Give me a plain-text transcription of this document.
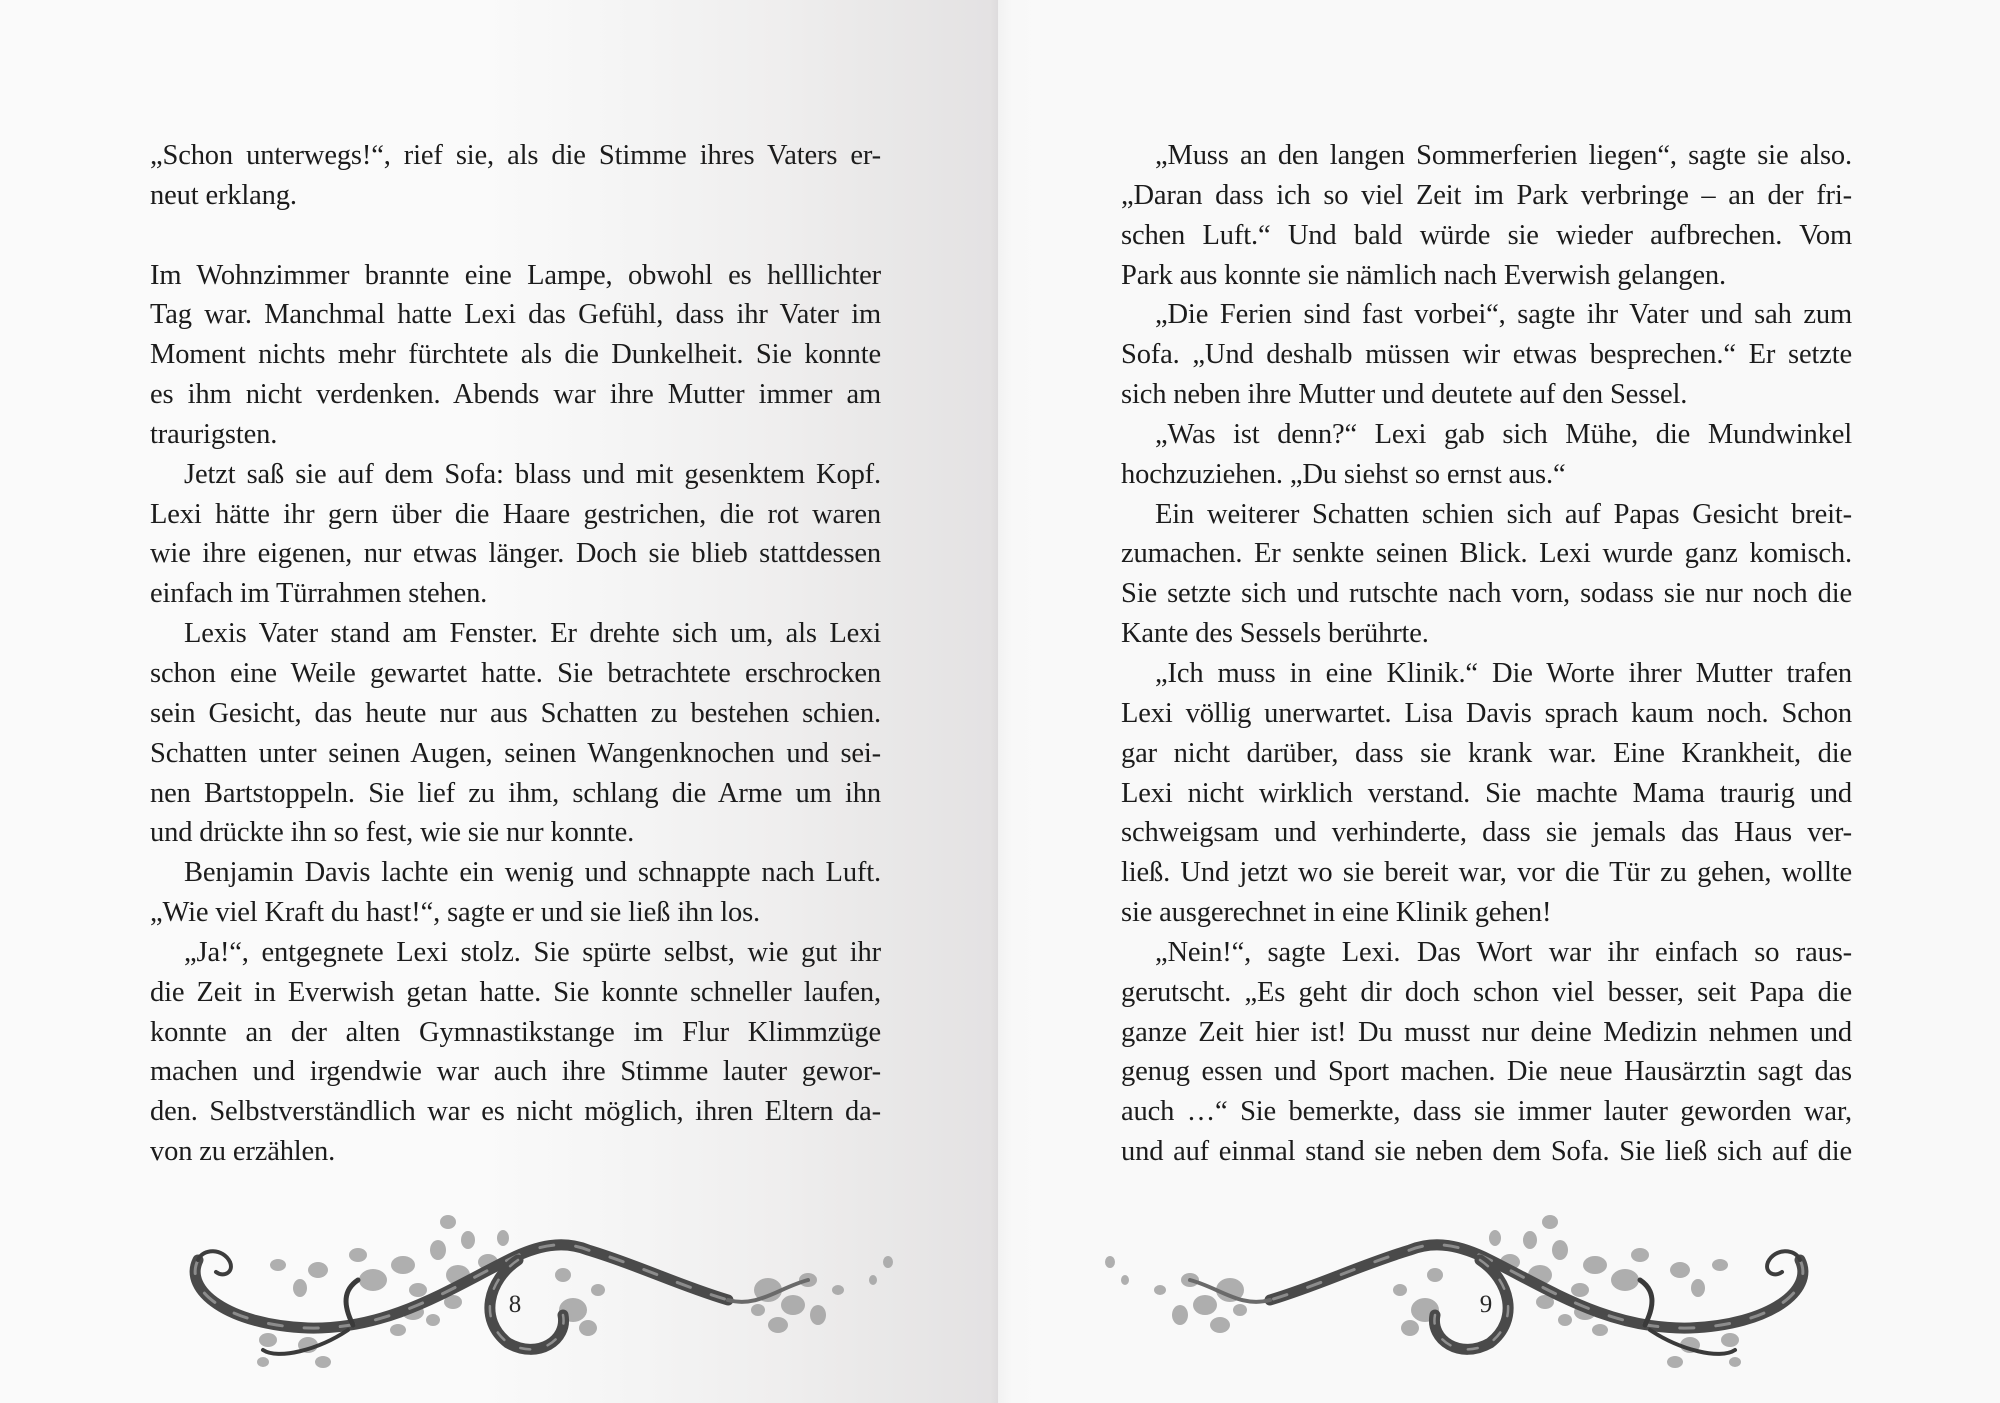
„Schon unterwegs!“, rief sie, als die Stimme ihres Vaters er-
neut erklang.
Im Wohnzimmer brannte eine Lampe, obwohl es helllichter
Tag war. Manchmal hatte Lexi das Gefühl, dass ihr Vater im
Moment nichts mehr fürchtete als die Dunkelheit. Sie konnte
es ihm nicht verdenken. Abends war ihre Mutter immer am
traurigsten.
Jetzt saß sie auf dem Sofa: blass und mit gesenktem Kopf.
Lexi hätte ihr gern über die Haare gestrichen, die rot waren
wie ihre eigenen, nur etwas länger. Doch sie blieb stattdessen
einfach im Türrahmen stehen.
Lexis Vater stand am Fenster. Er drehte sich um, als Lexi
schon eine Weile gewartet hatte. Sie betrachtete erschrocken
sein Gesicht, das heute nur aus Schatten zu bestehen schien.
Schatten unter seinen Augen, seinen Wangenknochen und sei-
nen Bartstoppeln. Sie lief zu ihm, schlang die Arme um ihn
und drückte ihn so fest, wie sie nur konnte.
Benjamin Davis lachte ein wenig und schnappte nach Luft.
„Wie viel Kraft du hast!“, sagte er und sie ließ ihn los.
„Ja!“, entgegnete Lexi stolz. Sie spürte selbst, wie gut ihr
die Zeit in Everwish getan hatte. Sie konnte schneller laufen,
konnte an der alten Gymnastikstange im Flur Klimmzüge
machen und irgendwie war auch ihre Stimme lauter gewor-
den. Selbstverständlich war es nicht möglich, ihren Eltern da-
von zu erzählen.
8
„Muss an den langen Sommerferien liegen“, sagte sie also.
„Daran dass ich so viel Zeit im Park verbringe – an der fri-
schen Luft.“ Und bald würde sie wieder aufbrechen. Vom
Park aus konnte sie nämlich nach Everwish gelangen.
„Die Ferien sind fast vorbei“, sagte ihr Vater und sah zum
Sofa. „Und deshalb müssen wir etwas besprechen.“ Er setzte
sich neben ihre Mutter und deutete auf den Sessel.
„Was ist denn?“ Lexi gab sich Mühe, die Mundwinkel
hochzuziehen. „Du siehst so ernst aus.“
Ein weiterer Schatten schien sich auf Papas Gesicht breit-
zumachen. Er senkte seinen Blick. Lexi wurde ganz komisch.
Sie setzte sich und rutschte nach vorn, sodass sie nur noch die
Kante des Sessels berührte.
„Ich muss in eine Klinik.“ Die Worte ihrer Mutter trafen
Lexi völlig unerwartet. Lisa Davis sprach kaum noch. Schon
gar nicht darüber, dass sie krank war. Eine Krankheit, die
Lexi nicht wirklich verstand. Sie machte Mama traurig und
schweigsam und verhinderte, dass sie jemals das Haus ver-
ließ. Und jetzt wo sie bereit war, vor die Tür zu gehen, wollte
sie ausgerechnet in eine Klinik gehen!
„Nein!“, sagte Lexi. Das Wort war ihr einfach so raus-
gerutscht. „Es geht dir doch schon viel besser, seit Papa die
ganze Zeit hier ist! Du musst nur deine Medizin nehmen und
genug essen und Sport machen. Die neue Hausärztin sagt das
auch …“ Sie bemerkte, dass sie immer lauter geworden war,
und auf einmal stand sie neben dem Sofa. Sie ließ sich auf die
9
